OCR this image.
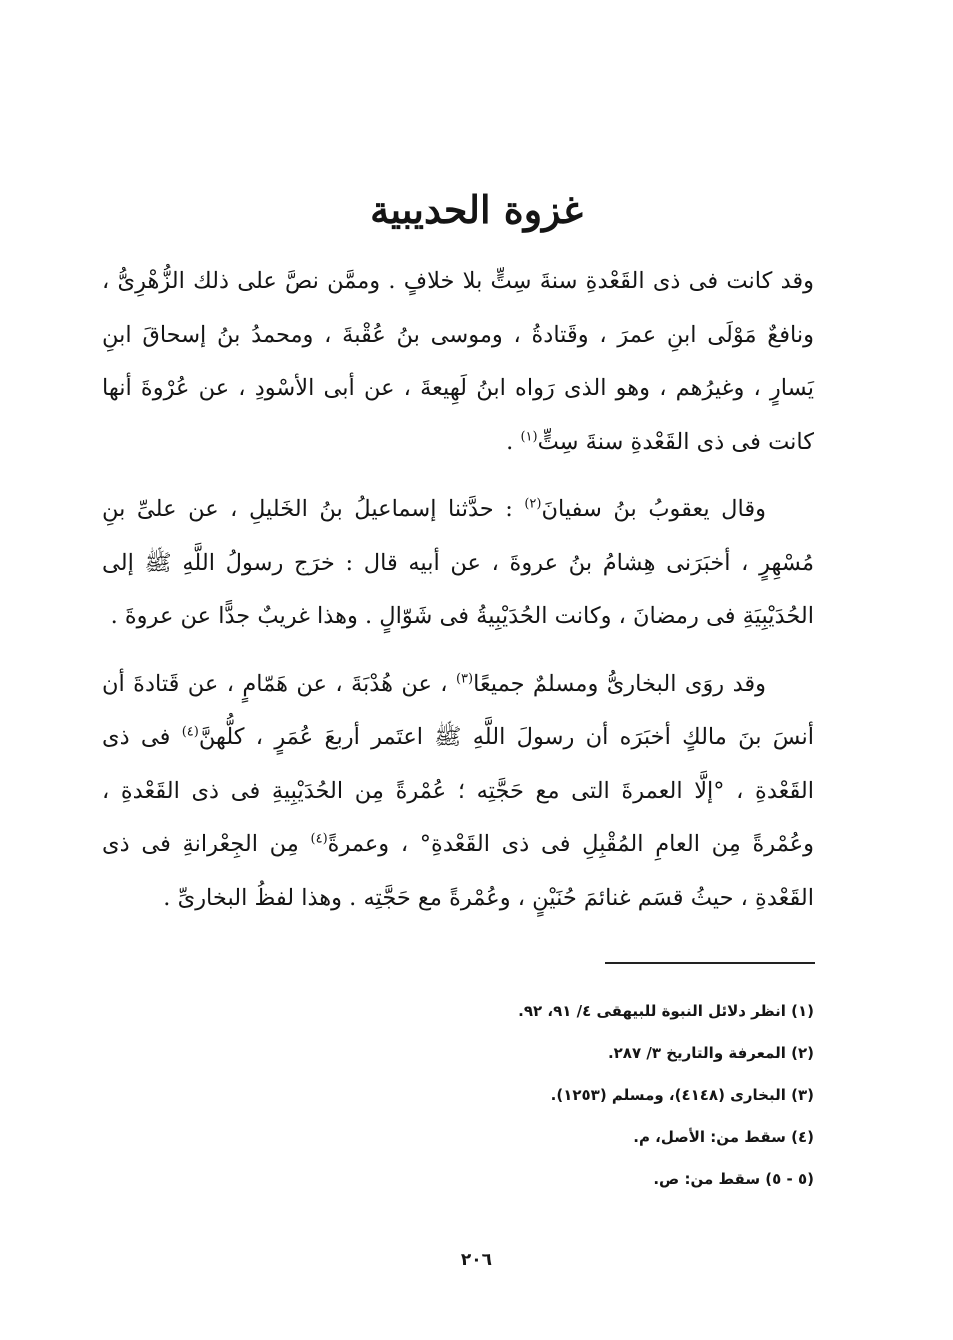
غزوة الحديبية

وقد كانت فى ذى القَعْدةِ سنةَ سِتٍّ بلا خلافٍ . وممَّن نصَّ على ذلك الزُّهْرِىُّ ، ونافعٌ مَوْلَى ابنِ عمرَ ، وقَتادةُ ، وموسى بنُ عُقْبةَ ، ومحمدُ بنُ إسحاقَ ابنِ يَسارٍ ، وغيرُهم ، وهو الذى رَواه ابنُ لَهِيعةَ ، عن أبى الأسْودِ ، عن عُرْوةَ أنها كانت فى ذى القَعْدةِ سنةَ سِتٍّ$^{(١)}$ .

وقال يعقوبُ بنُ سفيانَ$^{(٢)}$ : حدَّثنا إسماعيلُ بنُ الخَليلِ ، عن علىِّ بنِ مُسْهِرٍ ، أخبَرَنى هِشامُ بنُ عروةَ ، عن أبيه قال : خرَج رسولُ اللَّهِ ﷺ إلى الحُدَيْبِيَةِ فى رمضانَ ، وكانت الحُدَيْبِيةُ فى شَوّالٍ . وهذا غريبٌ جدًّا عن عروةَ .

وقد روَى البخارىُّ ومسلمٌ جميعًا$^{(٣)}$ ، عن هُدْبَةَ ، عن هَمّامٍ ، عن قَتادةَ أن أنسَ بنَ مالكٍ أخبَرَه أن رسولَ اللَّهِ ﷺ اعتَمر أربعَ عُمَرٍ ، كلُّهنَّ$^{(٤)}$ فى ذى القَعْدةِ ، °إلَّا العمرةَ التى مع حَجَّتِه ؛ عُمْرةً مِن الحُدَيْبِيةِ فى ذى القَعْدةِ ، وعُمْرةً مِن العامِ المُقْبِلِ فى ذى القَعْدةِ° ، وعمرةً$^{(٤)}$ مِن الجِعْرانةِ فى ذى القَعْدةِ ، حيثُ قسَم غنائمَ حُنَيْنٍ ، وعُمْرةً مع حَجَّتِه . وهذا لفظُ البخارىِّ .

(١) انظر دلائل النبوة للبيهقى ٤/ ٩١، ٩٢.

(٢) المعرفة والتاريخ ٣/ ٢٨٧.

(٣) البخارى (٤١٤٨)، ومسلم (١٢٥٣).

(٤) سقط من: الأصل، م.

(٥ - ٥) سقط من: ص.

٢٠٦
